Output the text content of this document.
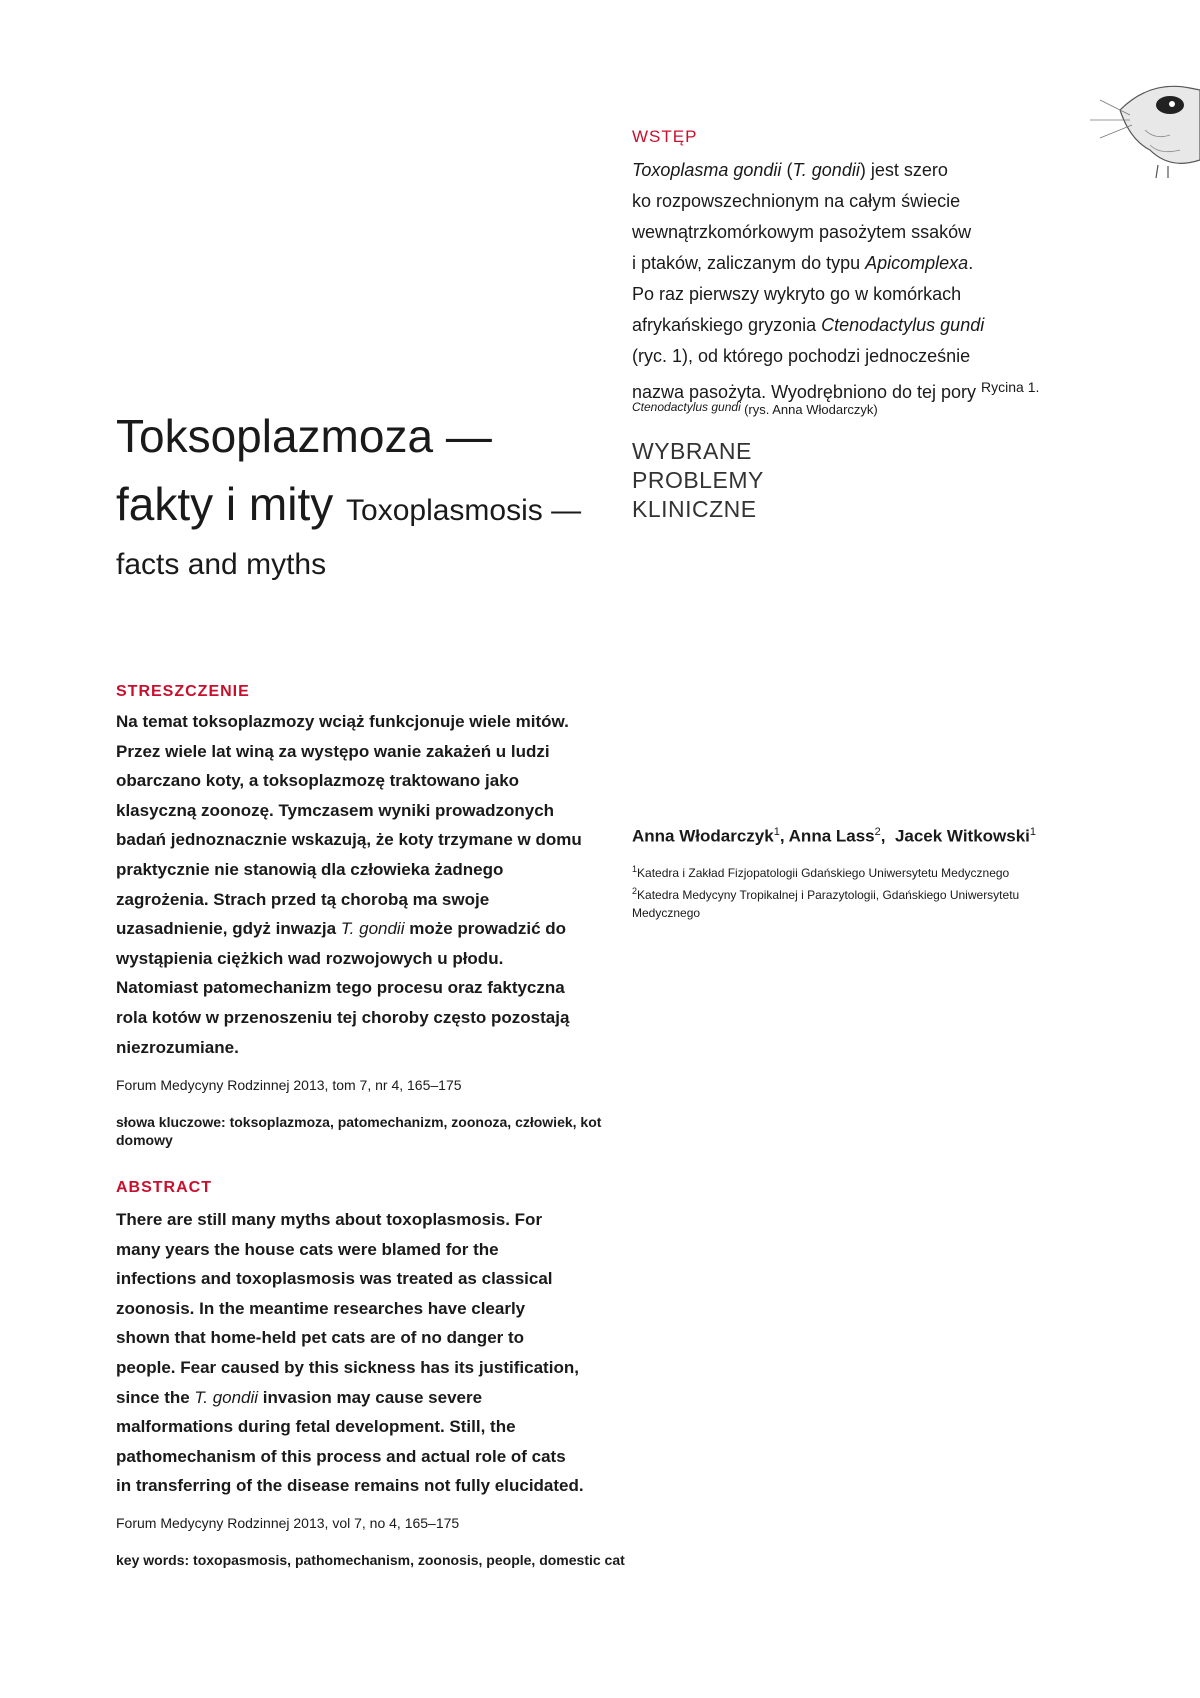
Toksoplazmoza —
fakty i mity Toxoplasmosis —
facts and myths
WSTĘP

Toxoplasma gondii (T. gondii) jest szero

ko rozpowszechnionym na całym świecie

wewnątrzkomórkowym pasożytem ssaków

i ptaków, zaliczanym do typu Apicomplexa.

Po raz pierwszy wykryto go w komórkach

afrykańskiego gryzonia Ctenodactylus gundi

(ryc. 1), od którego pochodzi jednocześnie

nazwa pasożyta. Wyodrębniono do tej pory $^{Rycina 1.}$

Ctenodactylus gundi (rys. Anna Włodarczyk)
WYBRANE
PROBLEMY
KLINICZNE
Anna Włodarczyk$^1$, Anna Lass$^2$,  Jacek Witkowski$^1$
$^1$Katedra i Zakład Fizjopatologii Gdańskiego Uniwersytetu Medycznego
$^2$Katedra Medycyny Tropikalnej i Parazytologii, Gdańskiego Uniwersytetu Medycznego
STRESZCZENIE

Na temat toksoplazmozy wciąż funkcjonuje wiele mitów.

Przez wiele lat winą za występo wanie zakażeń u ludzi

obarczano koty, a toksoplazmozę traktowano jako

klasyczną zoonozę. Tymczasem wyniki prowadzonych

badań jednoznacznie wskazują, że koty trzymane w domu

praktycznie nie stanowią dla człowieka żadnego

zagrożenia. Strach przed tą chorobą ma swoje

uzasadnienie, gdyż inwazja T. gondii może prowadzić do

wystąpienia ciężkich wad rozwojowych u płodu.

Natomiast patomechanizm tego procesu oraz faktyczna

rola kotów w przenoszeniu tej choroby często pozostają

niezrozumiane.

Forum Medycyny Rodzinnej 2013, tom 7, nr 4, 165–175
słowa kluczowe: toksoplazmoza, patomechanizm, zoonoza, człowiek, kot domowy
ABSTRACT

There are still many myths about toxoplasmosis. For

many years the house cats were blamed for the

infections and toxoplasmosis was treated as classical

zoonosis. In the meantime researches have clearly

shown that home-held pet cats are of no danger to

people. Fear caused by this sickness has its justification,

since the T. gondii invasion may cause severe

malformations during fetal development. Still, the

pathomechanism of this process and actual role of cats

in transferring of the disease remains not fully elucidated.

Forum Medycyny Rodzinnej 2013, vol 7, no 4, 165–175
key words: toxopasmosis, pathomechanism, zoonosis, people, domestic cat
